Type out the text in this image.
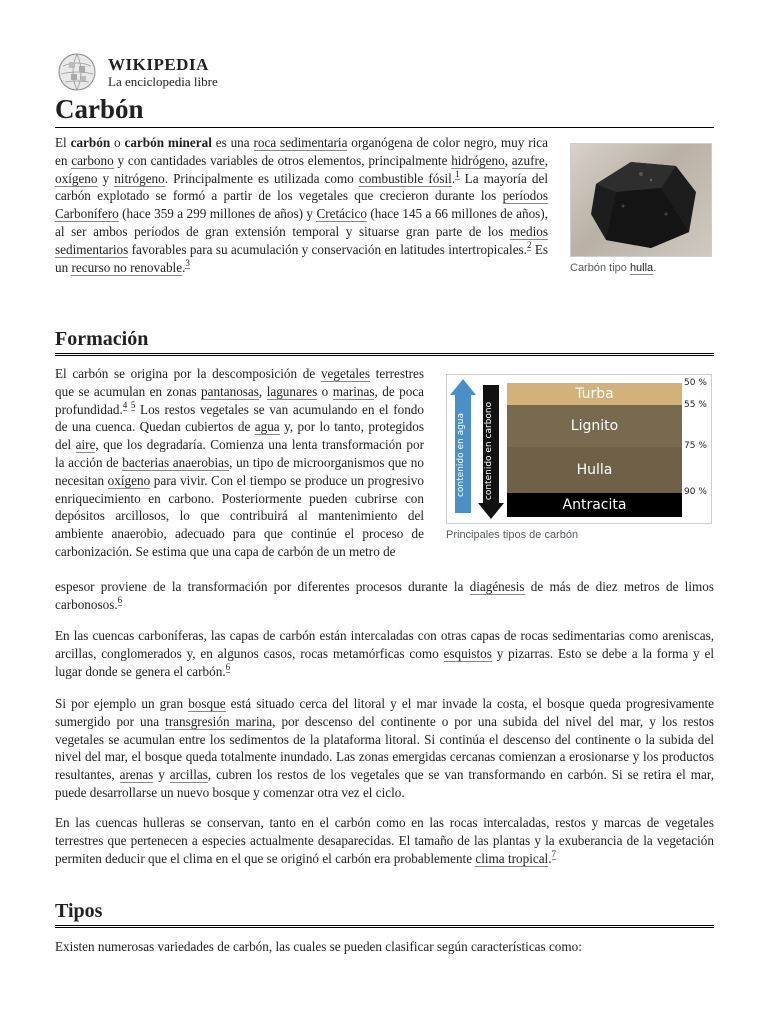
WIKIPEDIA
La enciclopedia libre
Carbón
Carbón tipo hulla.
El carbón o carbón mineral es una roca sedimentaria organógena de color negro, muy rica en carbono y con cantidades variables de otros elementos, principalmente hidrógeno, azufre, oxígeno y nitrógeno. Principalmente es utilizada como combustible fósil.$^1$ La mayoría del carbón explotado se formó a partir de los vegetales que crecieron durante los períodos Carbonífero (hace 359 a 299 millones de años) y Cretácico (hace 145 a 66 millones de años), al ser ambos períodos de gran extensión temporal y situarse gran parte de los medios sedimentarios favorables para su acumulación y conservación en latitudes intertropicales.$^2$ Es un recurso no renovable.$^3$
Formación
contenido en agua contenido en carbono
Turba
Lignito
Hulla
Antracita
50 %
55 %
75 %
90 %
Principales tipos de carbón
El carbón se origina por la descomposición de vegetales terrestres que se acumulan en zonas pantanosas, lagunares o marinas, de poca profundidad.$^{4 5}$ Los restos vegetales se van acumulando en el fondo de una cuenca. Quedan cubiertos de agua y, por lo tanto, protegidos del aire, que los degradaría. Comienza una lenta transformación por la acción de bacterias anaerobias, un tipo de microorganismos que no necesitan oxígeno para vivir. Con el tiempo se produce un progresivo enriquecimiento en carbono. Posteriormente pueden cubrirse con depósitos arcillosos, lo que contribuirá al mantenimiento del ambiente anaerobio, adecuado para que continúe el proceso de carbonización. Se estima que una capa de carbón de un metro de
espesor proviene de la transformación por diferentes procesos durante la diagénesis de más de diez metros de limos carbonosos.$^6$
En las cuencas carboníferas, las capas de carbón están intercaladas con otras capas de rocas sedimentarias como areniscas, arcillas, conglomerados y, en algunos casos, rocas metamórficas como esquistos y pizarras. Esto se debe a la forma y el lugar donde se genera el carbón.$^6$
Si por ejemplo un gran bosque está situado cerca del litoral y el mar invade la costa, el bosque queda progresivamente sumergido por una transgresión marina, por descenso del continente o por una subida del nivel del mar, y los restos vegetales se acumulan entre los sedimentos de la plataforma litoral. Si continúa el descenso del continente o la subida del nivel del mar, el bosque queda totalmente inundado. Las zonas emergidas cercanas comienzan a erosionarse y los productos resultantes, arenas y arcillas, cubren los restos de los vegetales que se van transformando en carbón. Si se retira el mar, puede desarrollarse un nuevo bosque y comenzar otra vez el ciclo.
En las cuencas hulleras se conservan, tanto en el carbón como en las rocas intercaladas, restos y marcas de vegetales terrestres que pertenecen a especies actualmente desaparecidas. El tamaño de las plantas y la exuberancia de la vegetación permiten deducir que el clima en el que se originó el carbón era probablemente clima tropical.$^7$
Tipos
Existen numerosas variedades de carbón, las cuales se pueden clasificar según características como:
